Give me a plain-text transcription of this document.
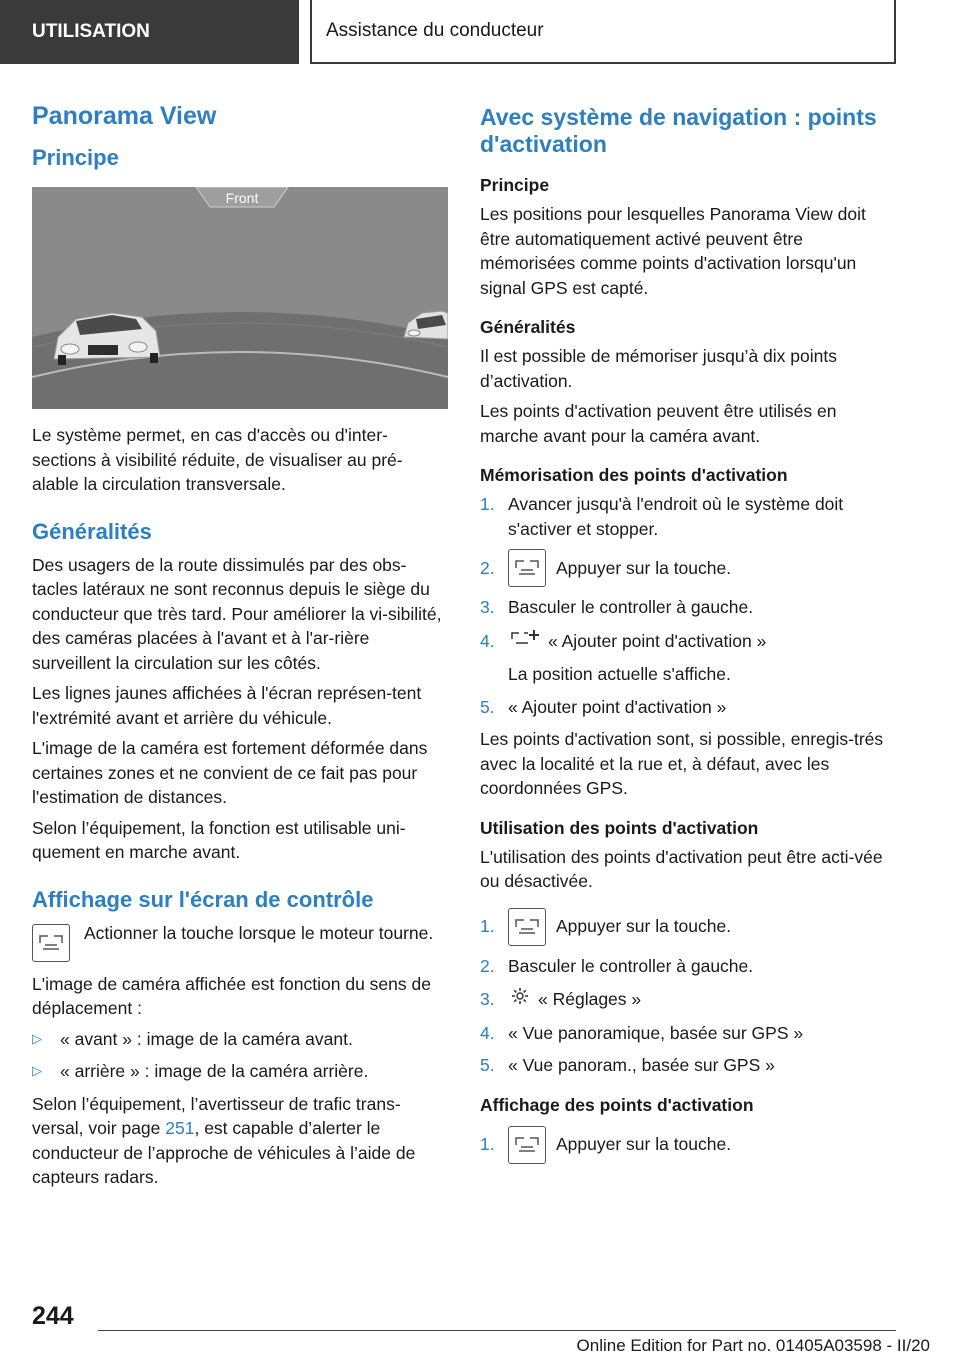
UTILISATION	Assistance du conducteur
Panorama View
Principe
Front

Le système permet, en cas d'accès ou d'inter-sections à visibilité réduite, de visualiser au pré-alable la circulation transversale.

Généralités

Des usagers de la route dissimulés par des obs-tacles latéraux ne sont reconnus depuis le siège du conducteur que très tard. Pour améliorer la vi-sibilité, des caméras placées à l'avant et à l'ar-rière surveillent la circulation sur les côtés.

Les lignes jaunes affichées à l'écran représen-tent l'extrémité avant et arrière du véhicule.

L'image de la caméra est fortement déformée dans certaines zones et ne convient de ce fait pas pour l'estimation de distances.

Selon l’équipement, la fonction est utilisable uni-quement en marche avant.

Affichage sur l'écran de contrôle

Actionner la touche lorsque le moteur tourne.

L'image de caméra affichée est fonction du sens de déplacement :

▷	« avant » : image de la caméra avant.
▷	« arrière » : image de la caméra arrière.

Selon l’équipement, l’avertisseur de trafic trans-versal, voir page 251, est capable d’alerter le conducteur de l’approche de véhicules à l’aide de capteurs radars.

Avec système de navigation : points d'activation
Principe

Les positions pour lesquelles Panorama View doit être automatiquement activé peuvent être mémorisées comme points d'activation lorsqu'un signal GPS est capté.

Généralités

Il est possible de mémoriser jusqu’à dix points d’activation.

Les points d'activation peuvent être utilisés en marche avant pour la caméra avant.

Mémorisation des points d'activation
1. Avancer jusqu'à l'endroit où le système doit s'activer et stopper.
2.	Appuyer sur la touche.
3. Basculer le controller à gauche.
4.	« Ajouter point d'activation »
La position actuelle s'affiche.
5. « Ajouter point d'activation »

Les points d'activation sont, si possible, enregis-trés avec la localité et la rue et, à défaut, avec les coordonnées GPS.

Utilisation des points d'activation

L'utilisation des points d'activation peut être acti-vée ou désactivée.

1.	Appuyer sur la touche.
2. Basculer le controller à gauche.
3.	« Réglages »
4. « Vue panoramique, basée sur GPS »
5. « Vue panoram., basée sur GPS »
Affichage des points d'activation
1.	Appuyer sur la touche.
244
Online Edition for Part no. 01405A03598 - II/20
